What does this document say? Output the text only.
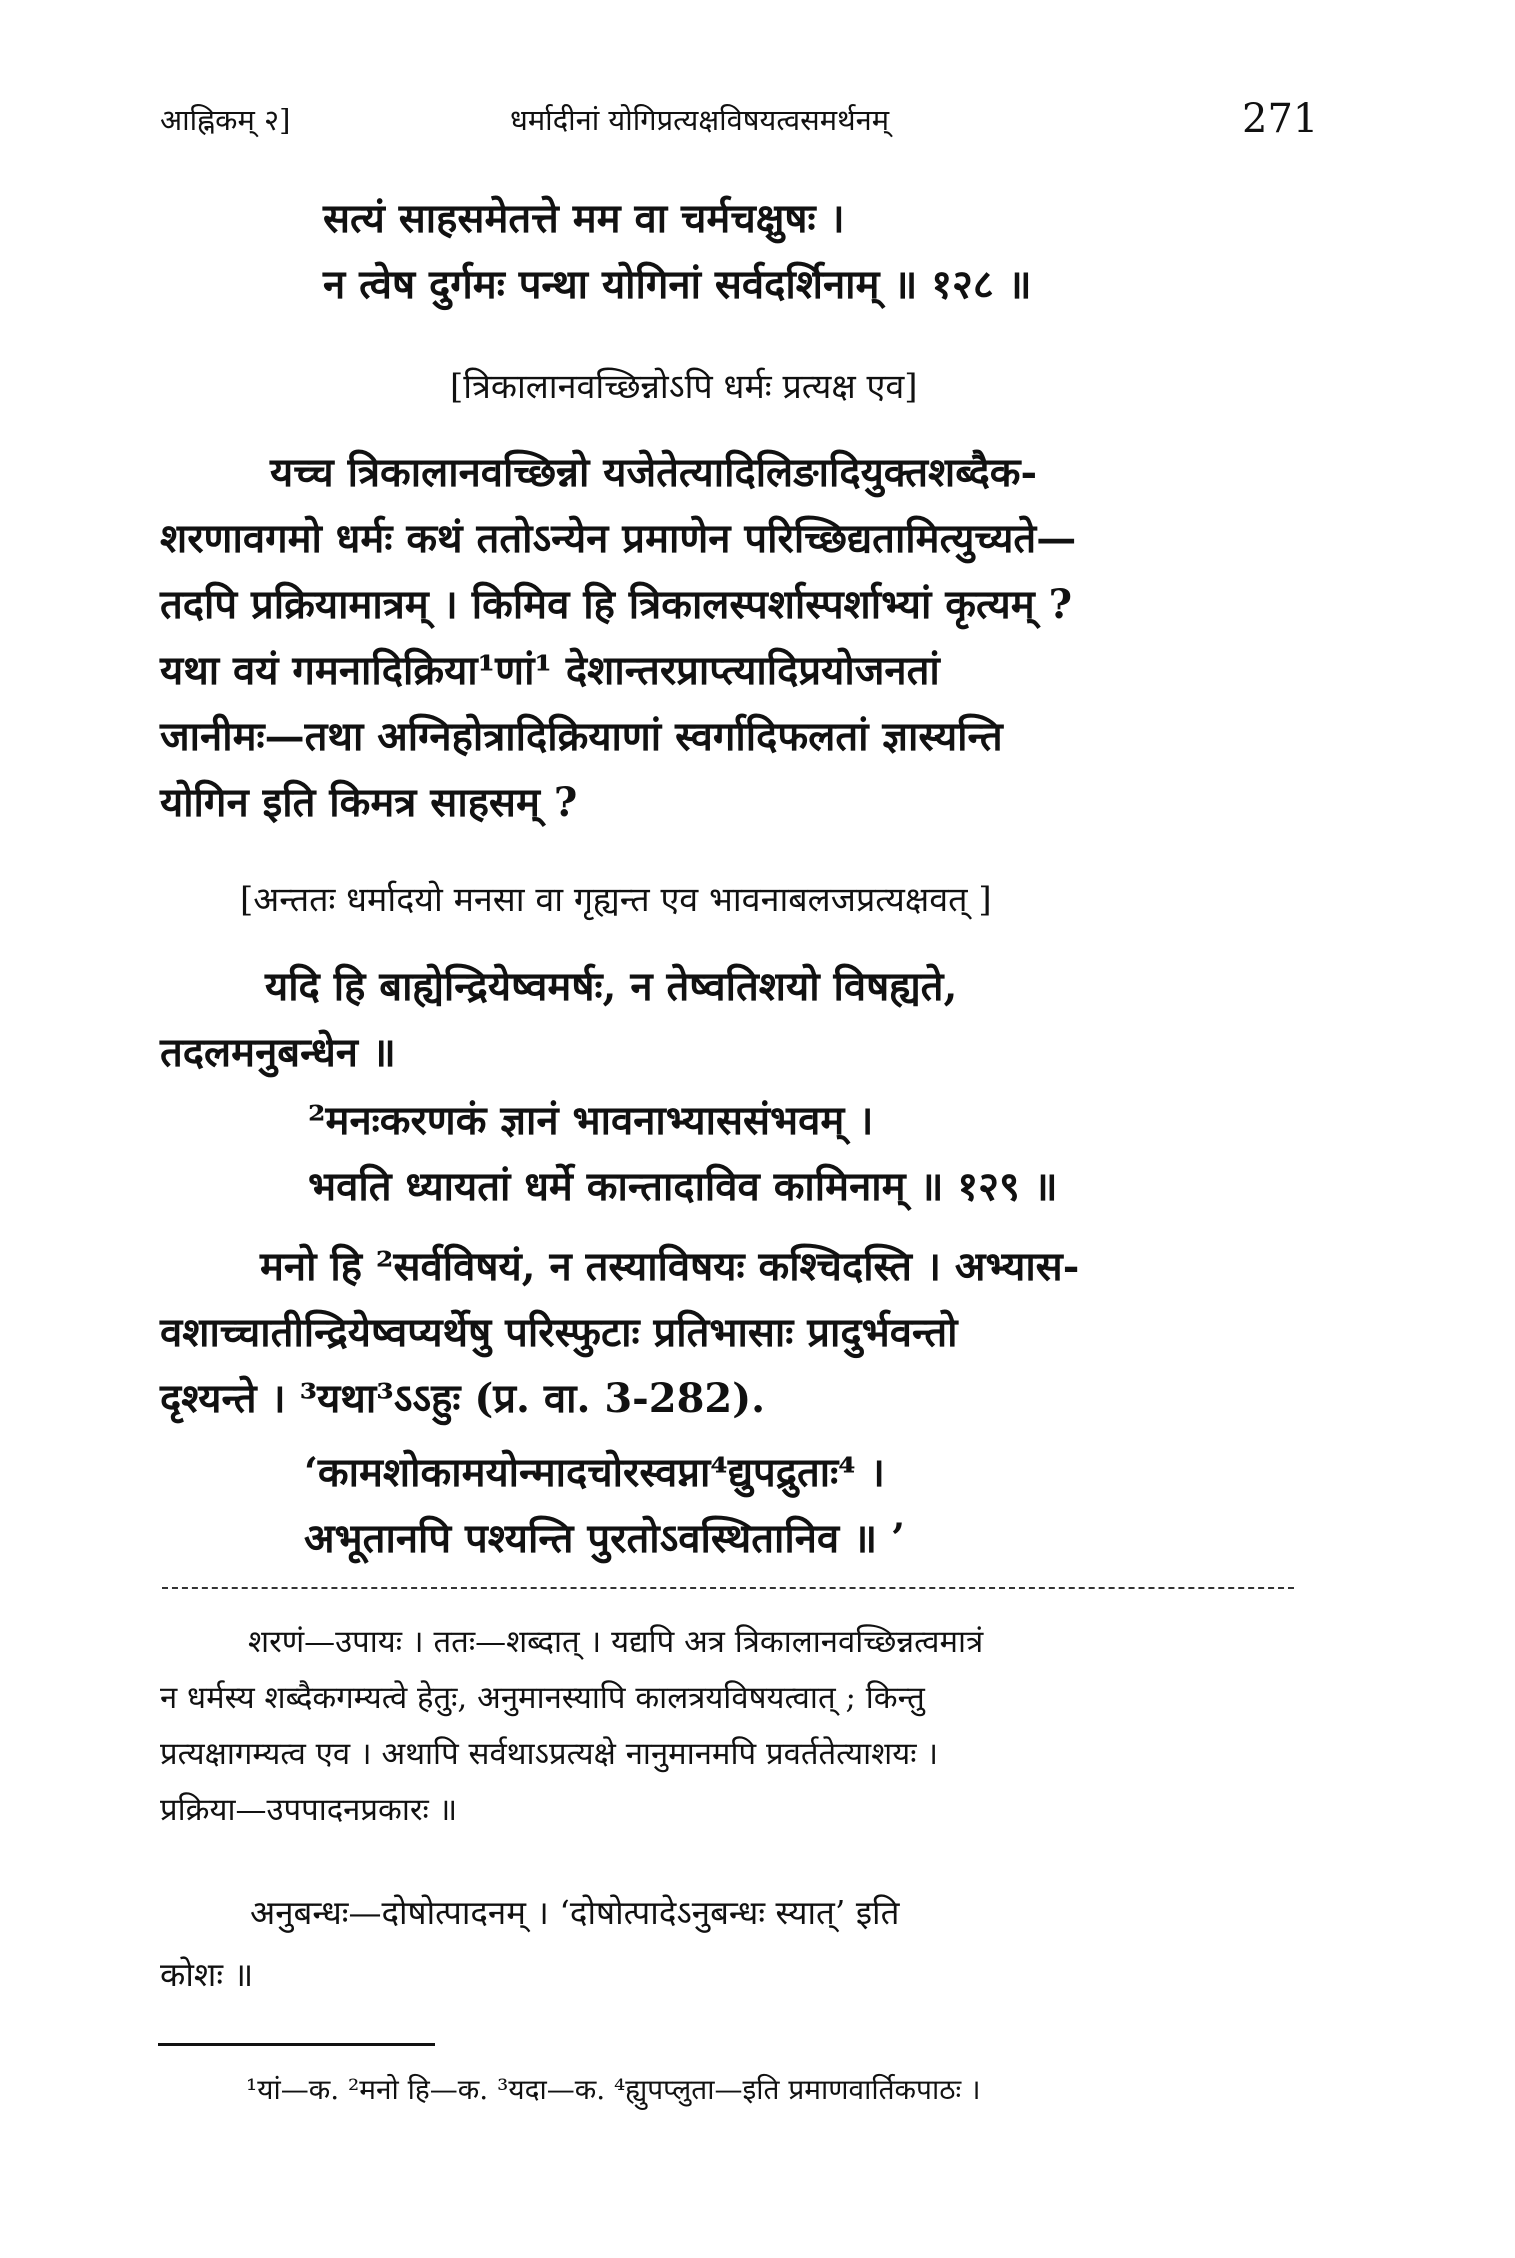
आह्निकम् २]	धर्मादीनां योगिप्रत्यक्षविषयत्वसमर्थनम्	271
सत्यं साहसमेतत्ते मम वा चर्मचक्षुषः ।
न त्वेष दुर्गमः पन्था योगिनां सर्वदर्शिनाम् ॥ १२८ ॥
[त्रिकालानवच्छिन्नोऽपि धर्मः प्रत्यक्ष एव]
यच्च त्रिकालानवच्छिन्नो यजेतेत्यादिलिङादियुक्तशब्दैक-
शरणावगमो धर्मः कथं ततोऽन्येन प्रमाणेन परिच्छिद्यतामित्युच्यते—
तदपि प्रक्रियामात्रम् । किमिव हि त्रिकालस्पर्शास्पर्शाभ्यां कृत्यम् ?
यथा वयं गमनादिक्रिया¹णां¹ देशान्तरप्राप्त्यादिप्रयोजनतां
जानीमः—तथा अग्निहोत्रादिक्रियाणां स्वर्गादिफलतां ज्ञास्यन्ति
योगिन इति किमत्र साहसम् ?
[अन्ततः धर्मादयो मनसा वा गृह्यन्त एव भावनाबलजप्रत्यक्षवत् ]
यदि हि बाह्येन्द्रियेष्वमर्षः, न तेष्वतिशयो विषह्यते,
तदलमनुबन्धेन ॥
²मनःकरणकं ज्ञानं भावनाभ्याससंभवम् ।
भवति ध्यायतां धर्मे कान्तादाविव कामिनाम् ॥ १२९ ॥
मनो हि ²सर्वविषयं, न तस्याविषयः कश्चिदस्ति । अभ्यास-
वशाच्चातीन्द्रियेष्वप्यर्थेषु परिस्फुटाः प्रतिभासाः प्रादुर्भवन्तो
दृश्यन्ते । ³यथा³ऽऽहुः (प्र. वा. 3-282).
‘कामशोकामयोन्मादचोरस्वप्ना⁴द्युपद्रुताः⁴ ।
अभूतानपि पश्यन्ति पुरतोऽवस्थितानिव ॥ ’
शरणं—उपायः । ततः—शब्दात् । यद्यपि अत्र त्रिकालानवच्छिन्नत्वमात्रं
न धर्मस्य शब्दैकगम्यत्वे हेतुः, अनुमानस्यापि कालत्रयविषयत्वात् ; किन्तु
प्रत्यक्षागम्यत्व एव । अथापि सर्वथाऽप्रत्यक्षे नानुमानमपि प्रवर्ततेत्याशयः ।
प्रक्रिया—उपपादनप्रकारः ॥
अनुबन्धः—दोषोत्पादनम् । ‘दोषोत्पादेऽनुबन्धः स्यात्’ इति
कोशः ॥
¹यां—क. ²मनो हि—क. ³यदा—क. ⁴ह्युपप्लुता—इति प्रमाणवार्तिकपाठः ।
